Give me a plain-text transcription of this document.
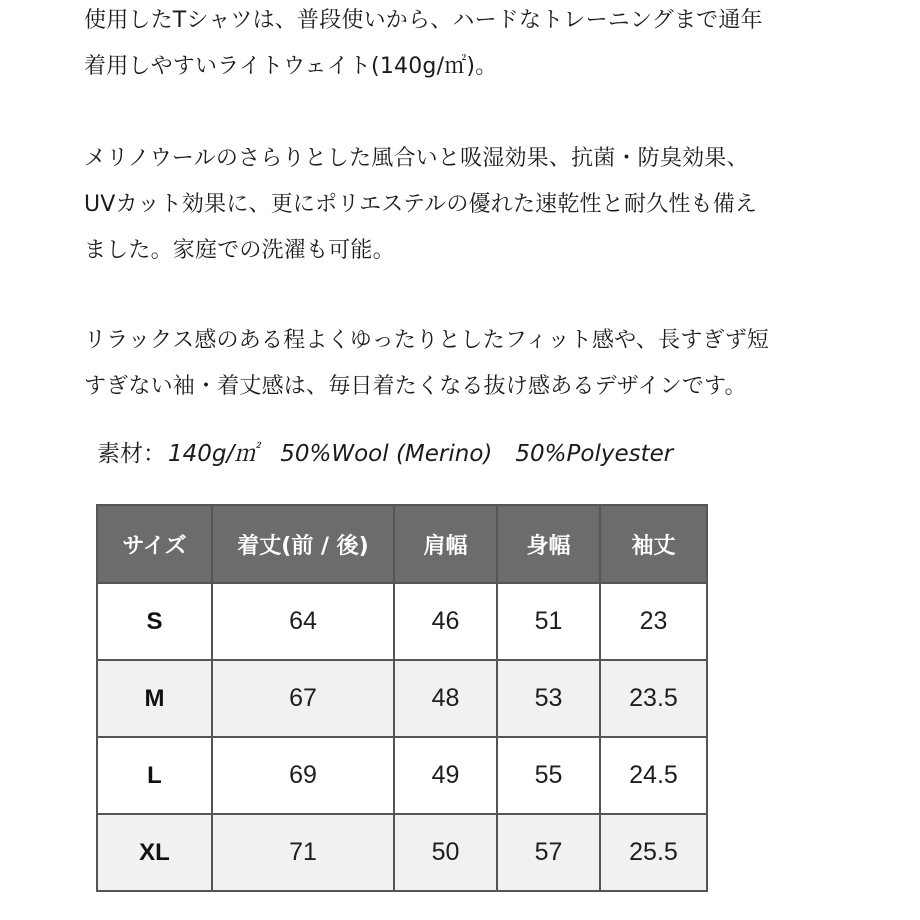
使用したTシャツは、普段使いから、ハードなトレーニングまで通年
着用しやすいライトウェイト(140g/㎡)。
メリノウールのさらりとした風合いと吸湿効果、抗菌・防臭効果、
UVカット効果に、更にポリエステルの優れた速乾性と耐久性も備え
ました。家庭での洗濯も可能。
リラックス感のある程よくゆったりとしたフィット感や、長すぎず短
すぎない袖・着丈感は、毎日着たくなる抜け感あるデザインです。
素材：140g/㎡　50%Wool (Merino)　50%Polyester
サイズ	着丈(前 / 後)	肩幅	身幅	袖丈
S	64	46	51	23
M	67	48	53	23.5
L	69	49	55	24.5
XL	71	50	57	25.5
